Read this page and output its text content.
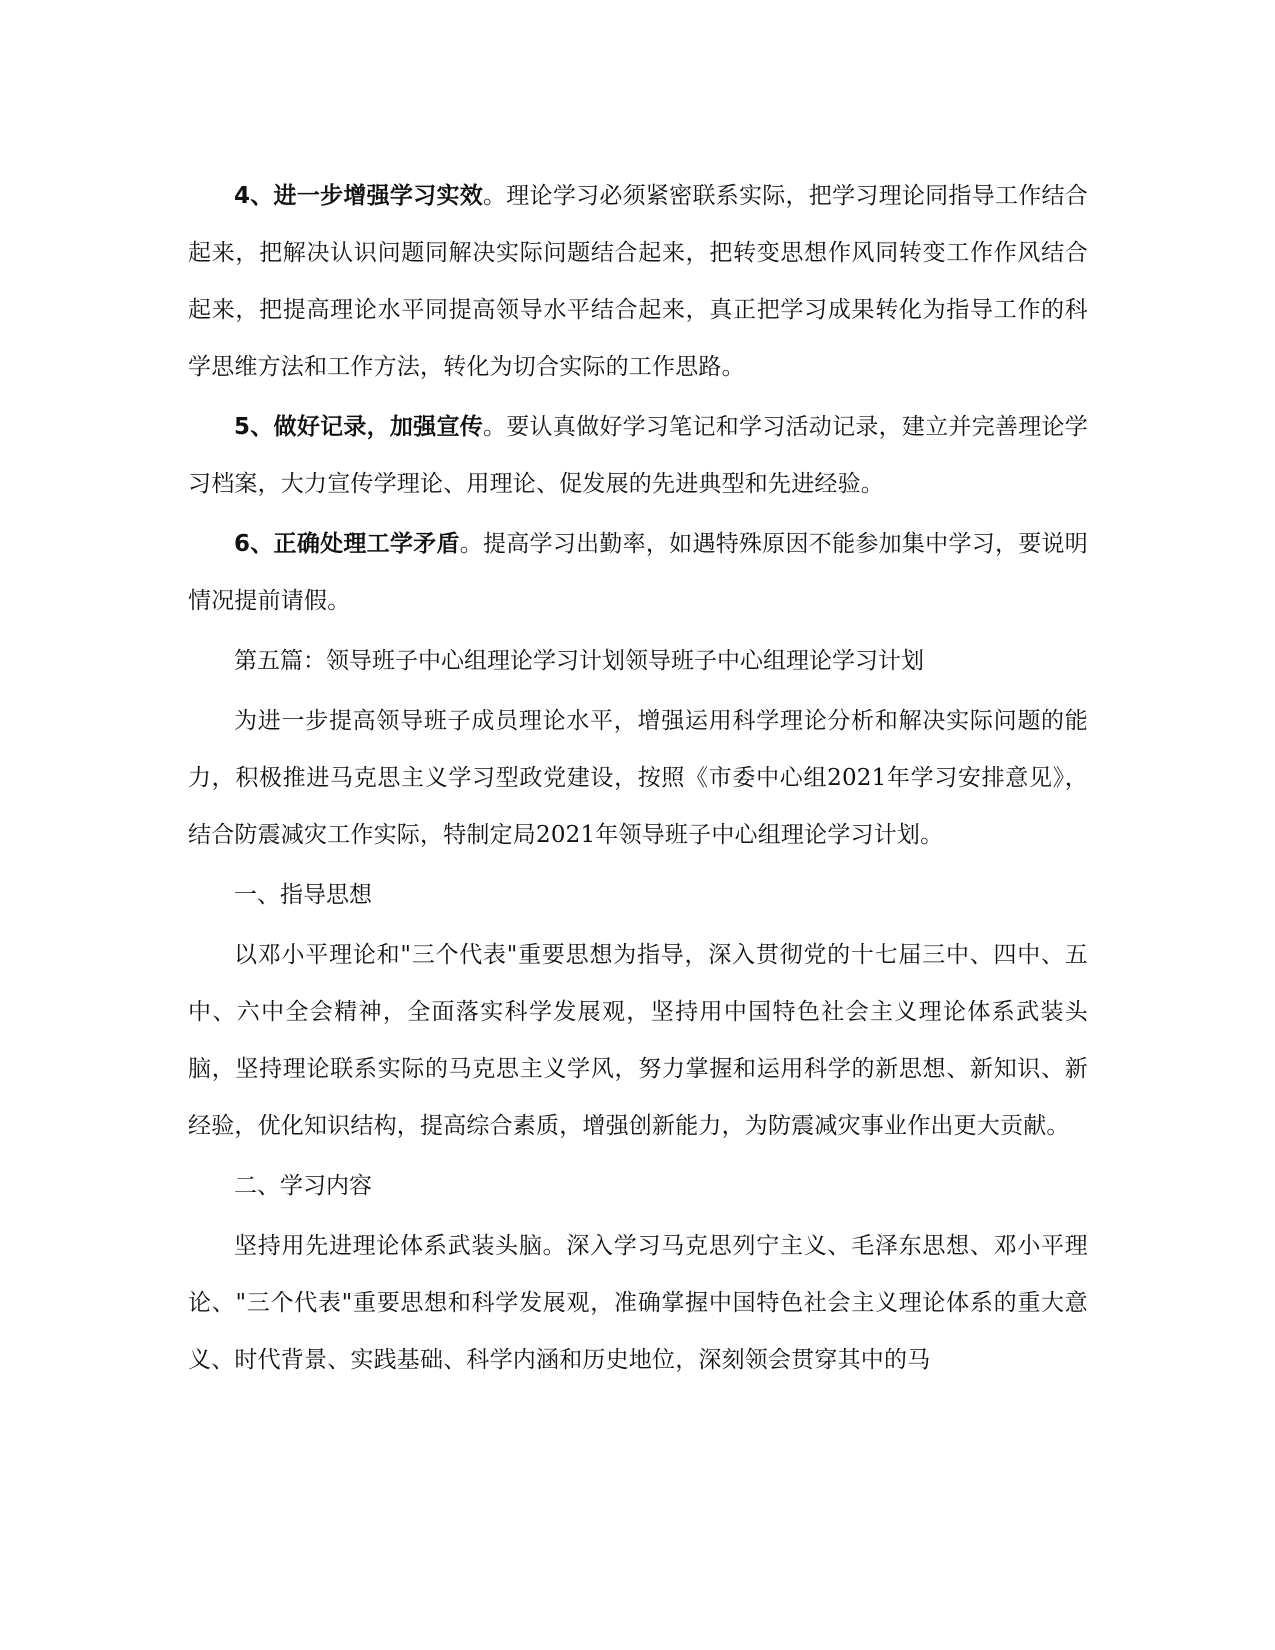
4、进一步增强学习实效。理论学习必须紧密联系实际，把学习理论同指导工作结合起来，把解决认识问题同解决实际问题结合起来，把转变思想作风同转变工作作风结合起来，把提高理论水平同提高领导水平结合起来，真正把学习成果转化为指导工作的科学思维方法和工作方法，转化为切合实际的工作思路。

5、做好记录，加强宣传。要认真做好学习笔记和学习活动记录，建立并完善理论学习档案，大力宣传学理论、用理论、促发展的先进典型和先进经验。

6、正确处理工学矛盾。提高学习出勤率，如遇特殊原因不能参加集中学习，要说明情况提前请假。

第五篇：领导班子中心组理论学习计划领导班子中心组理论学习计划

为进一步提高领导班子成员理论水平，增强运用科学理论分析和解决实际问题的能力，积极推进马克思主义学习型政党建设，按照《市委中心组2021年学习安排意见》，结合防震减灾工作实际，特制定局2021年领导班子中心组理论学习计划。

一、指导思想

以邓小平理论和"三个代表"重要思想为指导，深入贯彻党的十七届三中、四中、五中、六中全会精神，全面落实科学发展观，坚持用中国特色社会主义理论体系武装头脑，坚持理论联系实际的马克思主义学风，努力掌握和运用科学的新思想、新知识、新经验，优化知识结构，提高综合素质，增强创新能力，为防震减灾事业作出更大贡献。

二、学习内容

坚持用先进理论体系武装头脑。深入学习马克思列宁主义、毛泽东思想、邓小平理论、"三个代表"重要思想和科学发展观，准确掌握中国特色社会主义理论体系的重大意义、时代背景、实践基础、科学内涵和历史地位，深刻领会贯穿其中的马
